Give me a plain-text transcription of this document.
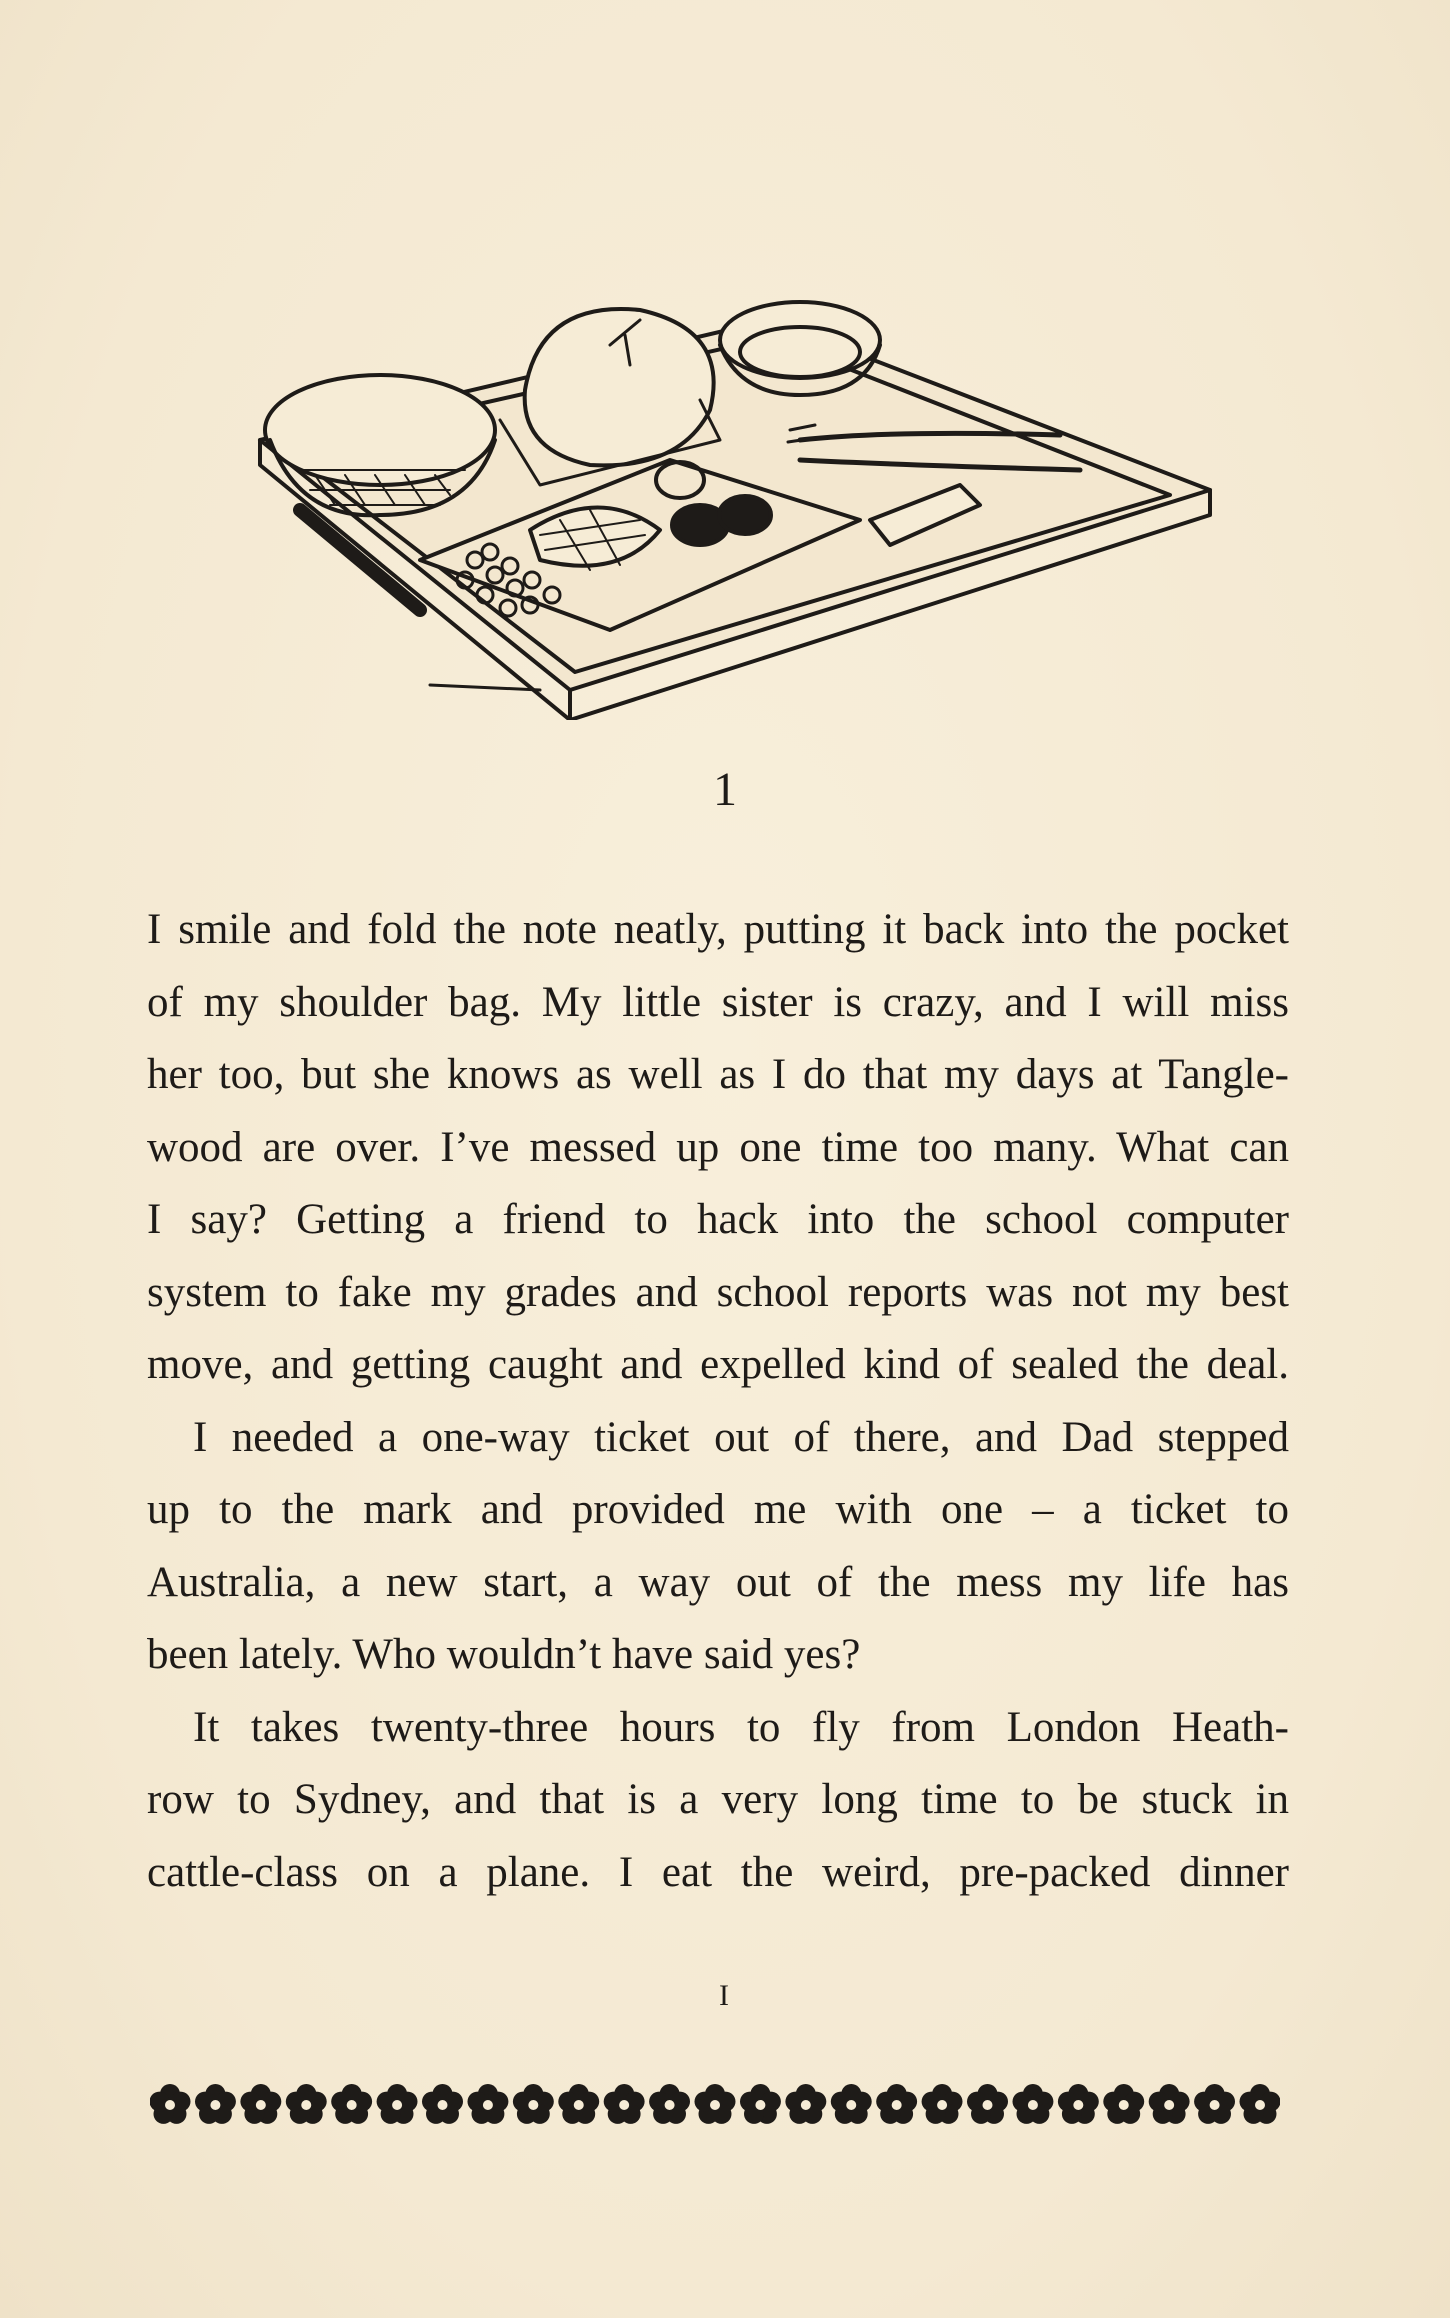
1

I smile and fold the note neatly, putting it back into the pocket

of my shoulder bag. My little sister is crazy, and I will miss

her too, but she knows as well as I do that my days at Tangle-

wood are over. I’ve messed up one time too many. What can

I say? Getting a friend to hack into the school computer

system to fake my grades and school reports was not my best

move, and getting caught and expelled kind of sealed the deal.

I needed a one-way ticket out of there, and Dad stepped

up to the mark and provided me with one – a ticket to

Australia, a new start, a way out of the mess my life has

been lately. Who wouldn’t have said yes?

It takes twenty-three hours to fly from London Heath-

row to Sydney, and that is a very long time to be stuck in

cattle-class on a plane. I eat the weird, pre-packed dinner

I
